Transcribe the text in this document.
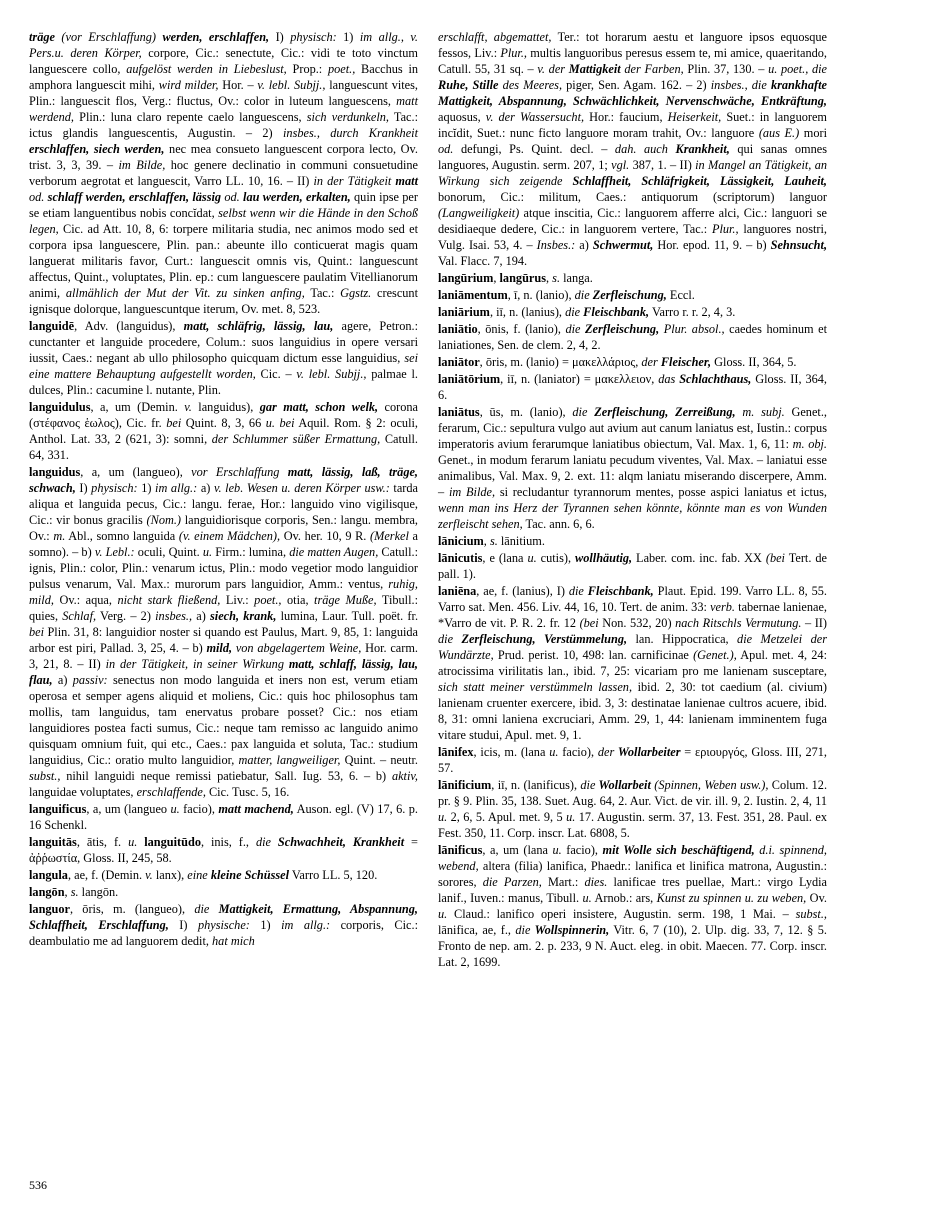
träge (vor Erschlaffung) werden, erschlaffen, I) physisch: 1) im allg., v. Pers.u. deren Körper, corpore, Cic.: senectute, Cic.: vidi te toto vinctum languescere collo, aufgelöst werden in Liebeslust, Prop.: poet., Bacchus in amphora languescit mihi, wird milder, Hor. – v. lebl. Subjj., languescunt vites, Plin.: languescit flos, Verg.: fluctus, Ov.: color in luteum languescens, matt werdend, Plin.: luna claro repente caelo languescens, sich verdunkeln, Tac.: ictus glandis languescentis, Augustin. – 2) insbes., durch Krankheit erschlaffen, siech werden, nec mea consueto languescent corpora lecto, Ov. trist. 3, 3, 39. – im Bilde, hoc genere declinatio in communi consuetudine verborum aegrotat et languescit, Varro LL. 10, 16. – II) in der Tätigkeit matt od. schlaff werden, erschlaffen, lässig od. lau werden, erkalten, quin ipse per se etiam languentibus nobis concĭdat, selbst wenn wir die Hände in den Schoß legen, Cic. ad Att. 10, 8, 6: torpere militaria studia, nec animos modo sed et corpora ipsa languescere, Plin. pan.: abeunte illo conticuerat magis quam languerat militaris favor, Curt.: languescit omnis vis, Quint.: languescunt affectus, Quint., voluptates, Plin. ep.: cum languescere paulatim Vitellianorum animi, allmählich der Mut der Vit. zu sinken anfing, Tac.: Ggstz. crescunt ignisque dolorque, languescuntque iterum, Ov. met. 8, 523.

languidē, Adv. (languidus), matt, schläfrig, lässig, lau, agere, Petron.: cunctanter et languide procedere, Colum.: suos languidius in opere versari iussit, Caes.: negant ab ullo philosopho quicquam dictum esse languidius, sei eine mattere Behauptung aufgestellt worden, Cic. – v. lebl. Subjj., palmae l. dulces, Plin.: cacumine l. nutante, Plin.

languidulus, a, um (Demin. v. languidus), gar matt, schon welk, corona (στέφανος ἑωλος), Cic. fr. bei Quint. 8, 3, 66 u. bei Aquil. Rom. § 2: oculi, Anthol. Lat. 33, 2 (621, 3): somni, der Schlummer süßer Ermattung, Catull. 64, 331.

languidus, a, um (langueo), vor Erschlaffung matt, lässig, laß, träge, schwach, I) physisch: 1) im allg.: a) v. leb. Wesen u. deren Körper usw.: tarda aliqua et languida pecus, Cic.: langu. ferae, Hor.: languido vino vigilisque, Cic.: vir bonus gracilis (Nom.) languidiorisque corporis, Sen.: langu. membra, Ov.: m. Abl., somno languida (v. einem Mädchen), Ov. her. 10, 9 R. (Merkel a somno). – b) v. Lebl.: oculi, Quint. u. Firm.: lumina, die matten Augen, Catull.: ignis, Plin.: color, Plin.: venarum ictus, Plin.: modo vegetior modo languidior pulsus venarum, Val. Max.: murorum pars languidior, Amm.: ventus, ruhig, mild, Ov.: aqua, nicht stark fließend, Liv.: poet., otia, träge Muße, Tibull.: quies, Schlaf, Verg. – 2) insbes., a) siech, krank, lumina, Laur. Tull. poët. fr. bei Plin. 31, 8: languidior noster si quando est Paulus, Mart. 9, 85, 1: languida arbor est piri, Pallad. 3, 25, 4. – b) mild, von abgelagertem Weine, Hor. carm. 3, 21, 8. – II) in der Tätigkeit, in seiner Wirkung matt, schlaff, lässig, lau, flau, a) passiv: senectus non modo languida et iners non est, verum etiam operosa et semper agens aliquid et moliens, Cic.: quis hoc philosophus tam mollis, tam languidus, tam enervatus probare posset? Cic.: nos etiam languidiores postea facti sumus, Cic.: neque tam remisso ac languido animo quisquam omnium fuit, qui etc., Caes.: pax languida et soluta, Tac.: studium languidius, Cic.: oratio multo languidior, matter, langweiliger, Quint. – neutr. subst., nihil languidi neque remissi patiebatur, Sall. Iug. 53, 6. – b) aktiv, languidae voluptates, erschlaffende, Cic. Tusc. 5, 16.

languificus, a, um (langueo u. facio), matt machend, Auson. egl. (V) 17, 6. p. 16 Schenkl.

languitās, ātis, f. u. languitūdo, inis, f., die Schwachheit, Krankheit = ἀῤῥωστία, Gloss. II, 245, 58.

langula, ae, f. (Demin. v. lanx), eine kleine Schüssel Varro LL. 5, 120.

langōn, s. langōn.

languor, ōris, m. (langueo), die Mattigkeit, Ermattung, Abspannung, Schlaffheit, Erschlaffung, I) physische: 1) im allg.: corporis, Cic.: deambulatio me ad languorem dedit, hat mich

erschlafft, abgemattet, Ter.: tot horarum aestu et languore ipsos equosque fessos, Liv.: Plur., multis languoribus peresus essem te, mi amice, quaeritando, Catull. 55, 31 sq. – v. der Mattigkeit der Farben, Plin. 37, 130. – u. poet., die Ruhe, Stille des Meeres, piger, Sen. Agam. 162. – 2) insbes., die krankhafte Mattigkeit, Abspannung, Schwächlichkeit, Nervenschwäche, Entkräftung, aquosus, v. der Wassersucht, Hor.: faucium, Heiserkeit, Suet.: in languorem incĭdit, Suet.: nunc ficto languore moram trahit, Ov.: languore (aus E.) mori od. defungi, Ps. Quint. decl. – dah. auch Krankheit, qui sanas omnes languores, Augustin. serm. 207, 1; vgl. 387, 1. – II) in Mangel an Tätigkeit, an Wirkung sich zeigende Schlaffheit, Schläfrigkeit, Lässigkeit, Lauheit, bonorum, Cic.: militum, Caes.: antiquorum (scriptorum) languor (Langweiligkeit) atque inscitia, Cic.: languorem afferre alci, Cic.: languori se desidiaeque dedere, Cic.: in languorem vertere, Tac.: Plur., languores nostri, Vulg. Isai. 53, 4. – Insbes.: a) Schwermut, Hor. epod. 11, 9. – b) Sehnsucht, Val. Flacc. 7, 194.

langūrium, langūrus, s. langa.

laniāmentum, ī, n. (lanio), die Zerfleischung, Eccl.

laniārium, iī, n. (lanius), die Fleischbank, Varro r. r. 2, 4, 3.

laniātio, ōnis, f. (lanio), die Zerfleischung, Plur. absol., caedes hominum et laniationes, Sen. de clem. 2, 4, 2.

laniātor, ōris, m. (lanio) = μακελλάριος, der Fleischer, Gloss. II, 364, 5.

laniātōrium, iī, n. (laniator) = μακελλειον, das Schlachthaus, Gloss. II, 364, 6.

laniātus, ūs, m. (lanio), die Zerfleischung, Zerreißung, m. subj. Genet., ferarum, Cic.: sepultura vulgo aut avium aut canum laniatus est, Iustin.: corpus imperatoris avium ferarumque laniatibus obiectum, Val. Max. 1, 6, 11: m. obj. Genet., in modum ferarum laniatu pecudum viventes, Val. Max. – laniatui esse animalibus, Val. Max. 9, 2. ext. 11: alqm laniatu miserando discerpere, Amm. – im Bilde, si recludantur tyrannorum mentes, posse aspici laniatus et ictus, wenn man ins Herz der Tyrannen sehen könnte, könnte man es von Wunden zerfleischt sehen, Tac. ann. 6, 6.

lānicium, s. lānitium.

lānicutis, e (lana u. cutis), wollhäutig, Laber. com. inc. fab. XX (bei Tert. de pall. 1).

laniēna, ae, f. (lanius), I) die Fleischbank, Plaut. Epid. 199. Varro LL. 8, 55. Varro sat. Men. 456. Liv. 44, 16, 10. Tert. de anim. 33: verb. tabernae lanienae, *Varro de vit. P. R. 2. fr. 12 (bei Non. 532, 20) nach Ritschls Vermutung. – II) die Zerfleischung, Verstümmelung, lan. Hippocratica, die Metzelei der Wundärzte, Prud. perist. 10, 498: lan. carnificinae (Genet.), Apul. met. 4, 24: atrocissima virilitatis lan., ibid. 7, 25: vicariam pro me lanienam susceptare, sich statt meiner verstümmeln lassen, ibid. 2, 30: tot caedium (al. civium) lanienam cruenter exercere, ibid. 3, 3: destinatae lanienae cultros acuere, ibid. 8, 31: omni laniena excruciari, Amm. 29, 1, 44: lanienam imminentem fuga vitare studui, Apul. met. 9, 1.

lānifex, icis, m. (lana u. facio), der Wollarbeiter = εριουργός, Gloss. III, 271, 57.

lānificium, iī, n. (lanificus), die Wollarbeit (Spinnen, Weben usw.), Colum. 12. pr. § 9. Plin. 35, 138. Suet. Aug. 64, 2. Aur. Vict. de vir. ill. 9, 2. Iustin. 2, 4, 11 u. 2, 6, 5. Apul. met. 9, 5 u. 17. Augustin. serm. 37, 13. Fest. 351, 28. Paul. ex Fest. 350, 11. Corp. inscr. Lat. 6808, 5.

lānificus, a, um (lana u. facio), mit Wolle sich beschäftigend, d.i. spinnend, webend, altera (filia) lanifica, Phaedr.: lanifica et linifica matrona, Augustin.: sorores, die Parzen, Mart.: dies. lanificae tres puellae, Mart.: virgo Lydia lanif., Iuven.: manus, Tibull. u. Arnob.: ars, Kunst zu spinnen u. zu weben, Ov. u. Claud.: lanifico operi insistere, Augustin. serm. 198, 1 Mai. – subst., lānifica, ae, f., die Wollspinnerin, Vitr. 6, 7 (10), 2. Ulp. dig. 33, 7, 12. § 5. Fronto de nep. am. 2. p. 233, 9 N. Auct. eleg. in obit. Maecen. 77. Corp. inscr. Lat. 2, 1699.

536
